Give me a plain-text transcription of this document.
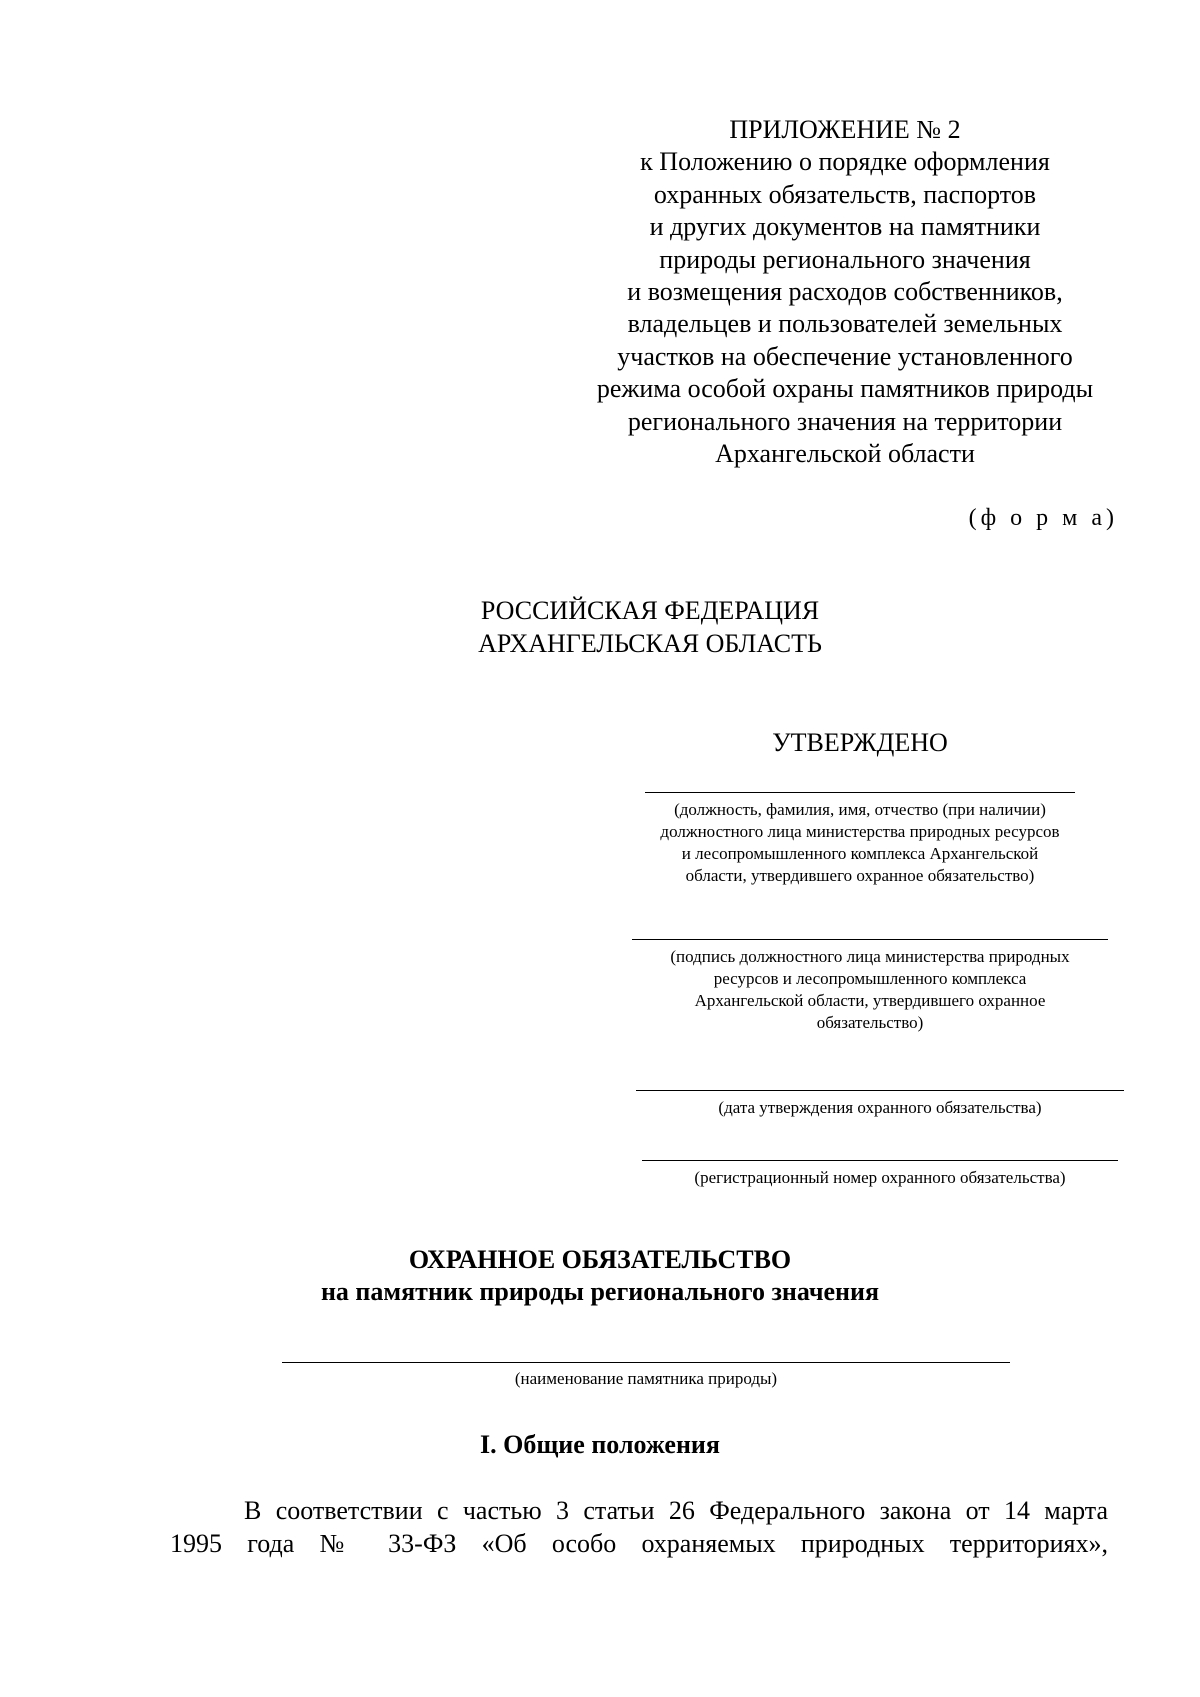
ПРИЛОЖЕНИЕ № 2
к Положению о порядке оформления
охранных обязательств, паспортов
и других документов на памятники
природы регионального значения
и возмещения расходов собственников,
владельцев и пользователей земельных
участков на обеспечение установленного
режима особой охраны памятников природы
регионального значения на территории
Архангельской области
(ф о р м а)
РОССИЙСКАЯ ФЕДЕРАЦИЯ
АРХАНГЕЛЬСКАЯ ОБЛАСТЬ
УТВЕРЖДЕНО
(должность, фамилия, имя, отчество (при наличии)
должностного лица министерства природных ресурсов
и лесопромышленного комплекса Архангельской
области, утвердившего охранное обязательство)
(подпись должностного лица министерства природных
ресурсов и лесопромышленного комплекса
Архангельской области, утвердившего охранное
обязательство)
(дата утверждения охранного обязательства)
(регистрационный номер охранного обязательства)
ОХРАННОЕ ОБЯЗАТЕЛЬСТВО
на памятник природы регионального значения
(наименование памятника природы)
I. Общие положения
В соответствии с частью 3 статьи 26 Федерального закона от 14 марта
1995 года № 33-ФЗ «Об особо охраняемых природных территориях»,
